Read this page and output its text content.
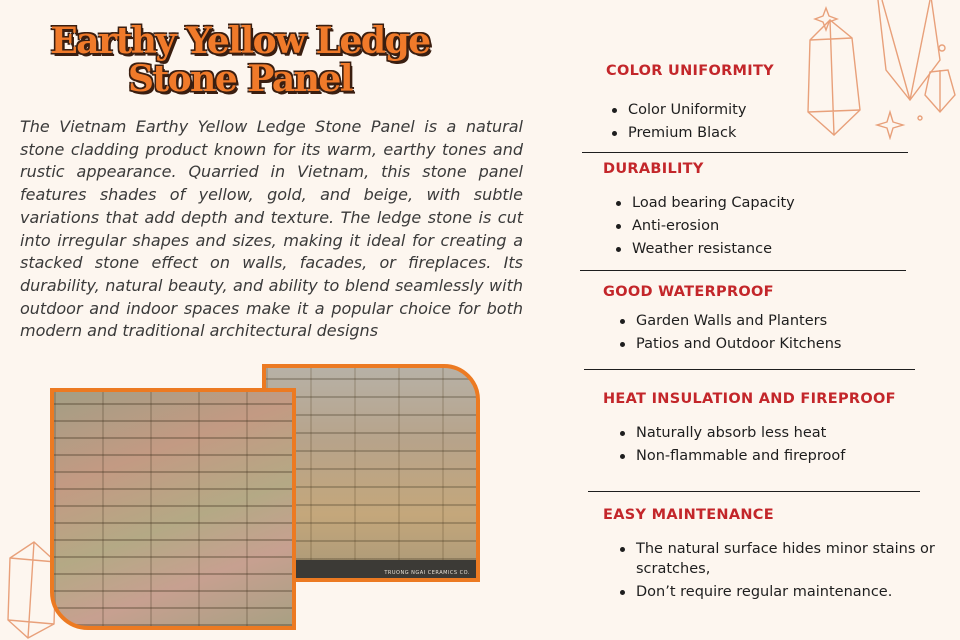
Earthy Yellow Ledge
Stone Panel

The Vietnam Earthy Yellow Ledge Stone Panel is a natural stone cladding product known for its warm, earthy tones and rustic appearance. Quarried in Vietnam, this stone panel features shades of yellow, gold, and beige, with subtle variations that add depth and texture. The ledge stone is cut into irregular shapes and sizes, making it ideal for creating a stacked stone effect on walls, facades, or fireplaces. Its durability, natural beauty, and ability to blend seamlessly with outdoor and indoor spaces make it a popular choice for both modern and traditional architectural designs

TRUONG NGAI CERAMICS CO.
COLOR UNIFORMITY
Color Uniformity
Premium Black
DURABILITY
Load bearing Capacity
Anti-erosion
Weather resistance
GOOD WATERPROOF
Garden Walls and Planters
Patios and Outdoor Kitchens
HEAT INSULATION AND FIREPROOF
Naturally absorb less heat
Non-flammable and fireproof
EASY MAINTENANCE
The natural surface hides minor stains or scratches,
Don’t require regular maintenance.
